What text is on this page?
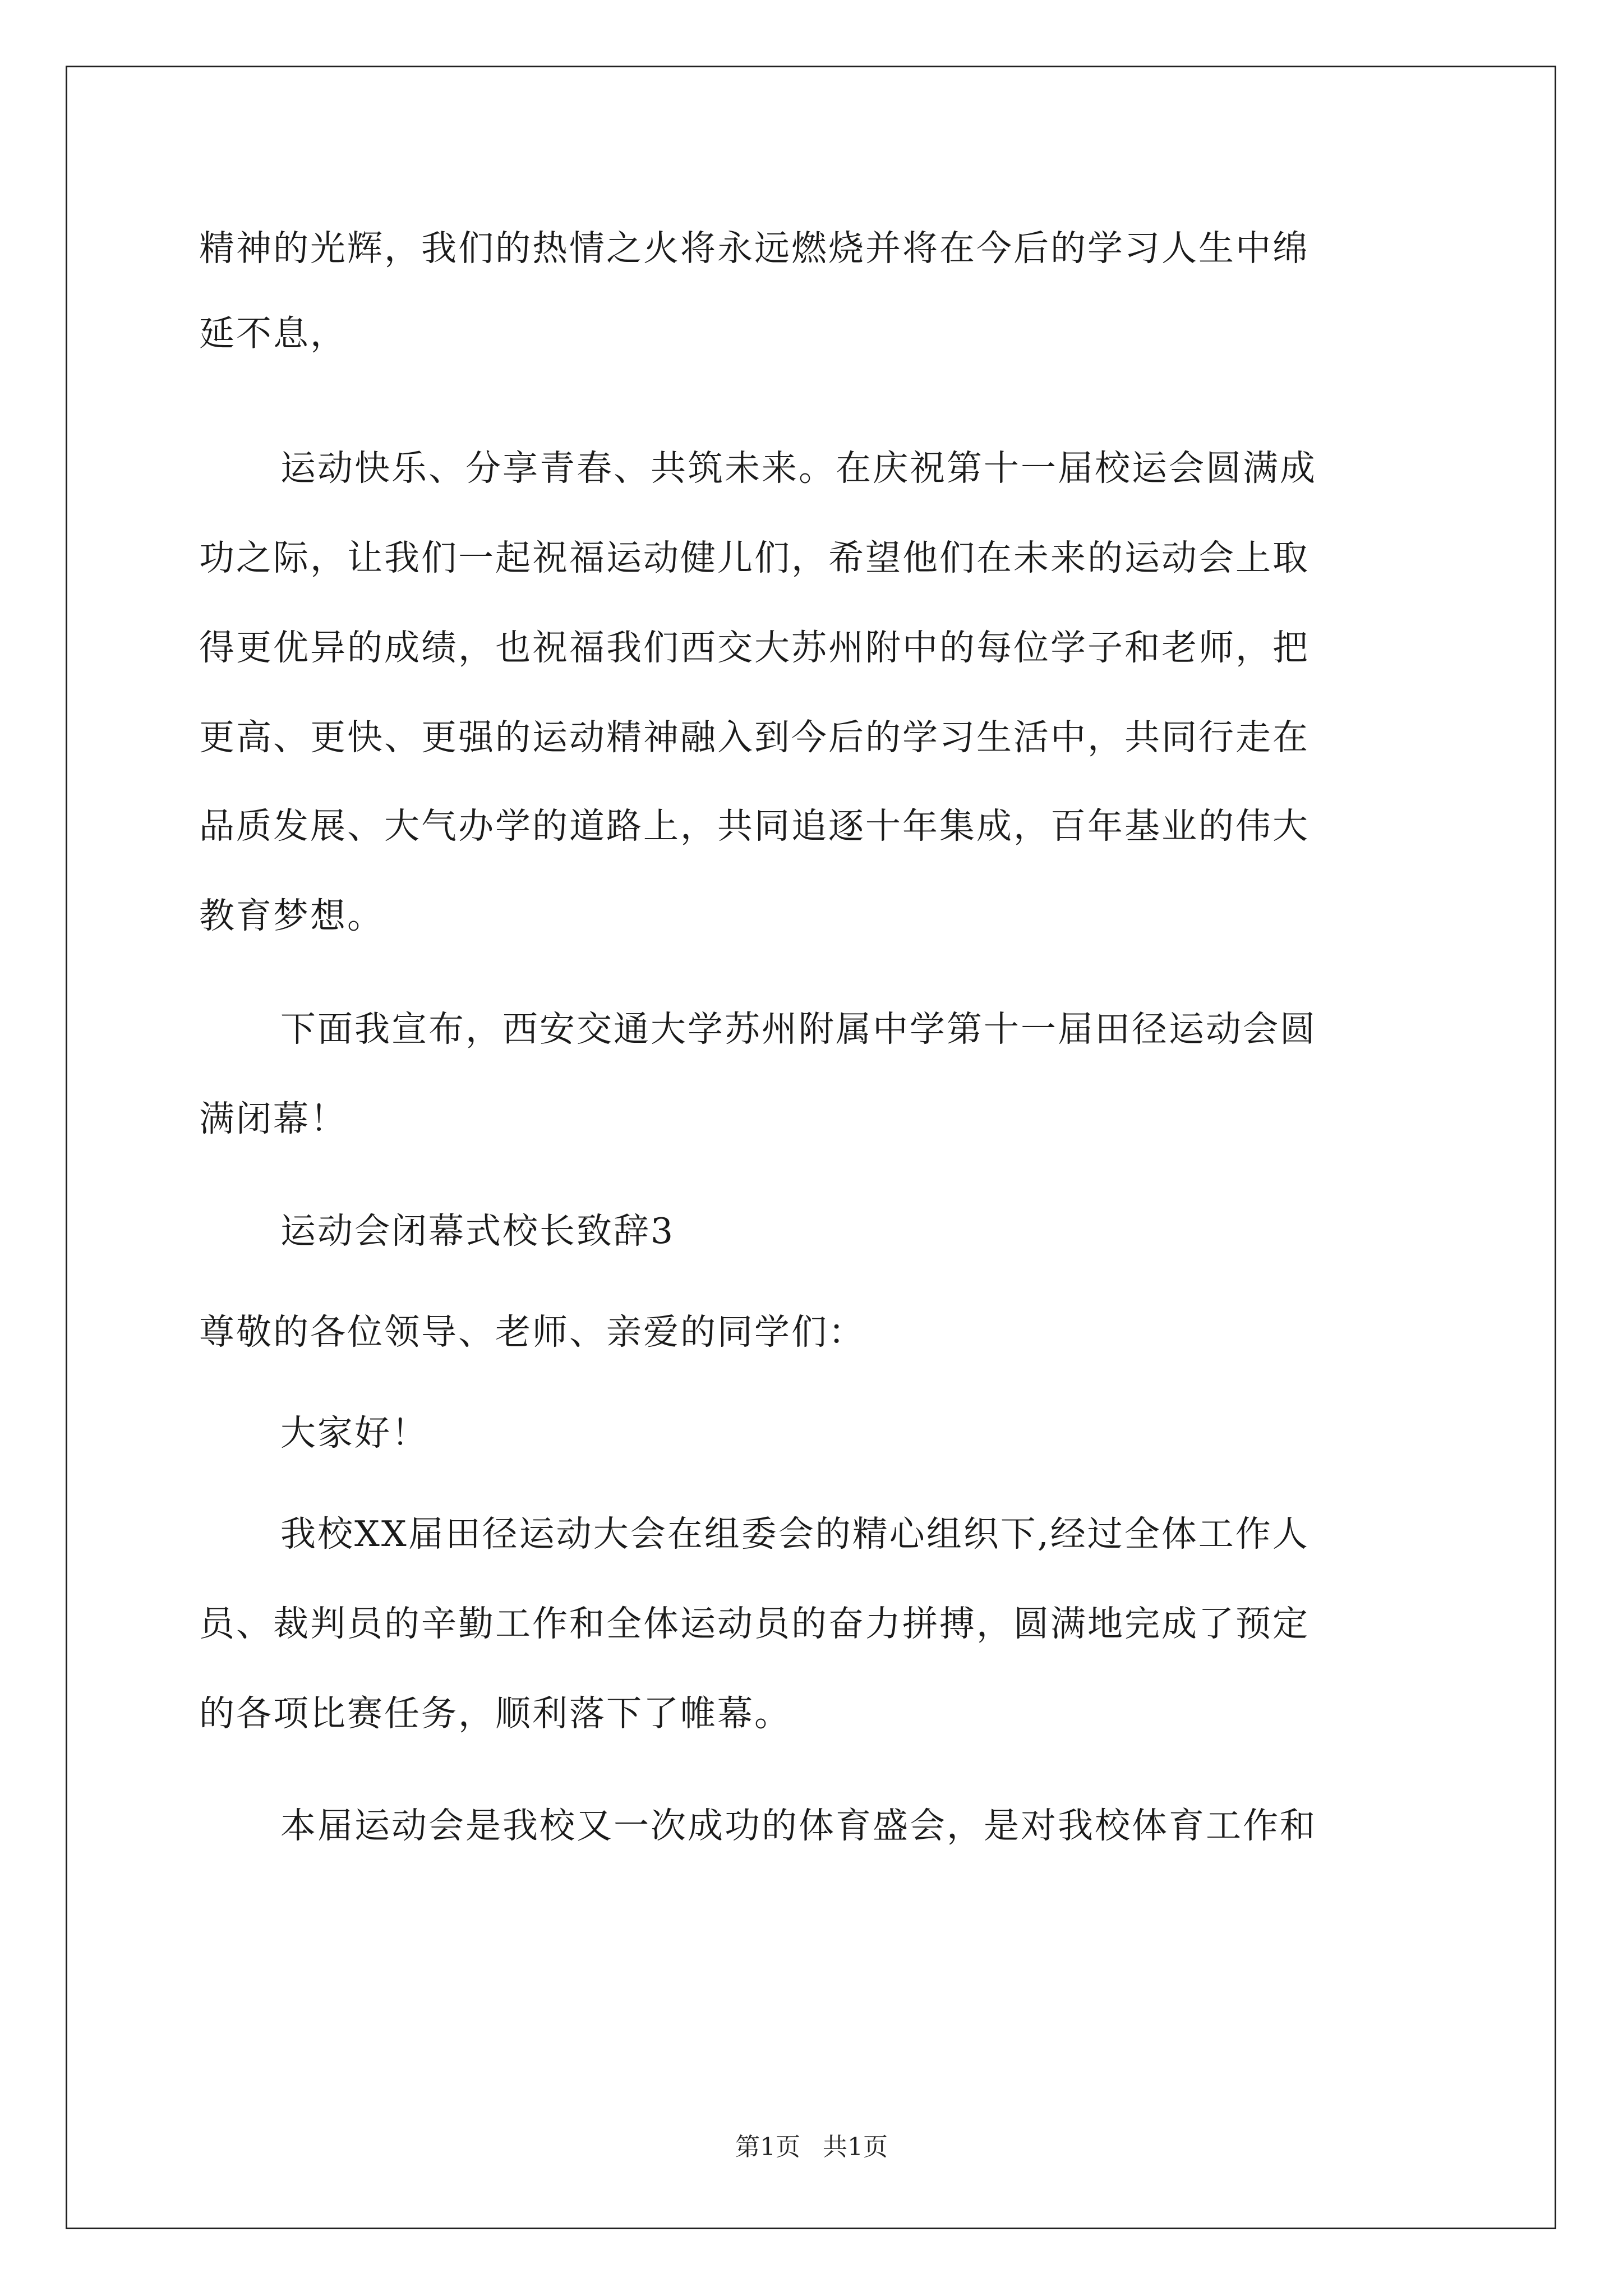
精神的光辉，我们的热情之火将永远燃烧并将在今后的学习人生中绵
延不息，
运动快乐、分享青春、共筑未来。在庆祝第十一届校运会圆满成
功之际，让我们一起祝福运动健儿们，希望他们在未来的运动会上取
得更优异的成绩，也祝福我们西交大苏州附中的每位学子和老师，把
更高、更快、更强的运动精神融入到今后的学习生活中，共同行走在
品质发展、大气办学的道路上，共同追逐十年集成，百年基业的伟大
教育梦想。
下面我宣布，西安交通大学苏州附属中学第十一届田径运动会圆
满闭幕！
运动会闭幕式校长致辞3
尊敬的各位领导、老师、亲爱的同学们：
大家好！
我校XX届田径运动大会在组委会的精心组织下,经过全体工作人
员、裁判员的辛勤工作和全体运动员的奋力拼搏，圆满地完成了预定
的各项比赛任务，顺利落下了帷幕。
本届运动会是我校又一次成功的体育盛会，是对我校体育工作和
第1页 共1页
